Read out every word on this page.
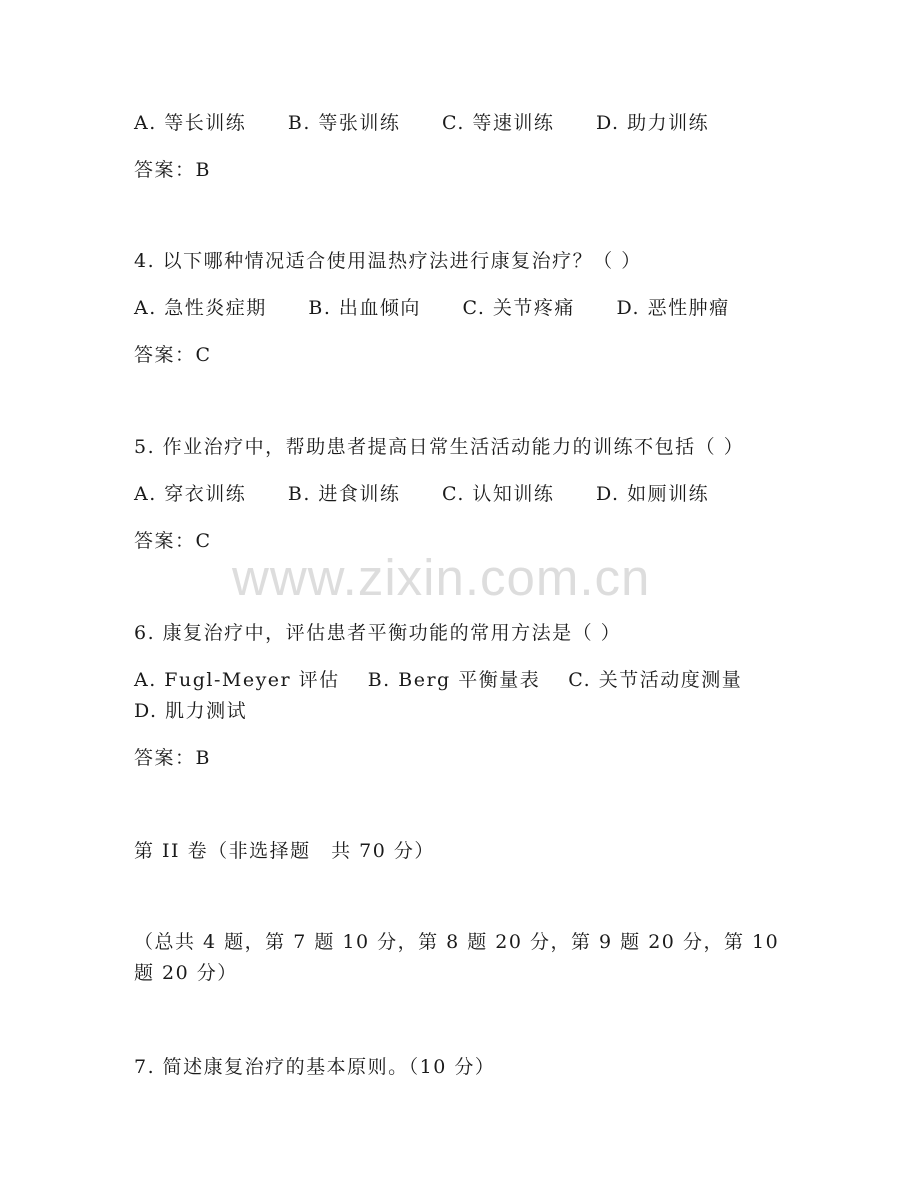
A. 等长训练 B. 等张训练 C. 等速训练 D. 助力训练
答案：B
4. 以下哪种情况适合使用温热疗法进行康复治疗？（ ）
A. 急性炎症期 B. 出血倾向 C. 关节疼痛 D. 恶性肿瘤
答案：C
5. 作业治疗中，帮助患者提高日常生活活动能力的训练不包括（ ）
A. 穿衣训练 B. 进食训练 C. 认知训练 D. 如厕训练
答案：C
www.zixin.com.cn
6. 康复治疗中，评估患者平衡功能的常用方法是（ ）
A. Fugl-Meyer 评估　 B. Berg 平衡量表　 C. 关节活动度测量　 D. 肌力测试
答案：B
第 II 卷（非选择题　共 70 分）
（总共 4 题，第 7 题 10 分，第 8 题 20 分，第 9 题 20 分，第 10 题 20 分）
7. 简述康复治疗的基本原则。（10 分）
